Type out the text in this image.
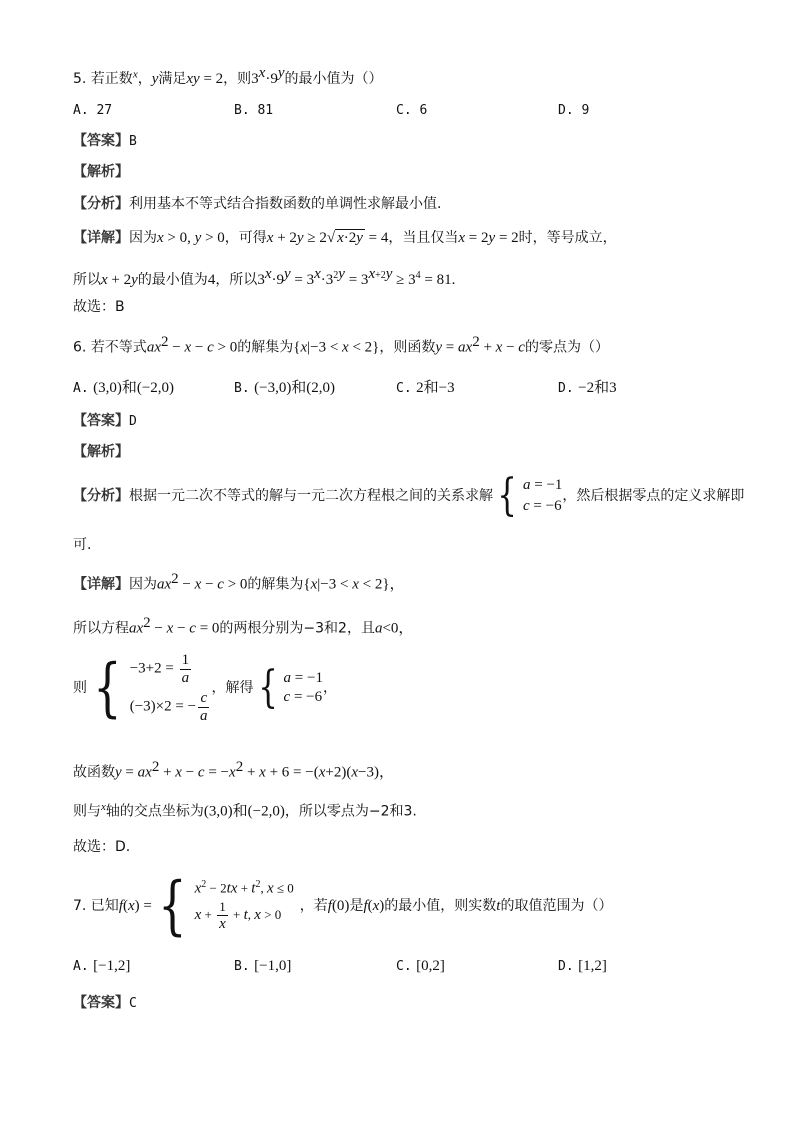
5. 若正数$^x$，y满足xy = 2，则$3^x\cdot 9^y$的最小值为（）
A. 27	B. 81	C. 6	D. 9
【答案】B
【解析】
【分析】利用基本不等式结合指数函数的单调性求解最小值.
【详解】因为x > 0, y > 0，可得x + 2y ≥ 2√ x·2y = 4，当且仅当x = 2y = 2时，等号成立，
所以x + 2y的最小值为4，所以$3^x\cdot 9^y = 3^x\cdot 3^{2y} = 3^{x+2y} \ge 3^4 = 81$.
故选：B
6. 若不等式$ax^2 - x - c > 0$的解集为{x|−3 < x < 2}，则函数$y = ax^2 + x - c$的零点为（）
A. (3,0)和(−2,0)	B. (−3,0)和(2,0)	C. 2和−3	D. −2和3
【答案】D
【解析】
【分析】根据一元二次不等式的解与一元二次方程根之间的关系求解 { a = −1
c = −6
，然后根据零点的定义求解即
可.
【详解】因为$ax^2 - x - c > 0$的解集为{x|−3 < x < 2}，
所以方程$ax^2 - x - c = 0$的两根分别为−3和2，且a<0，
则 { $-3+2 = \frac{1}{a}$
(−3)×2 = − $\frac{c}{a}$
，解得 { a = −1
c = −6
，
故函数$y = ax^2 + x - c = -x^2 + x + 6 = -(x+2)(x-3)$，
则与$^x$轴的交点坐标为(3,0)和(−2,0)，所以零点为−2和3.
故选：D.
7. 已知 f ( x ) = { $x^2 - 2tx + t^2$, x ≤ 0
$x + \frac{1}{x} + t$, x > 0
，若 f (0) 是 f ( x ) 的最小值，则实数 t 的取值范围为（）
A. [−1,2]	B. [−1,0]	C. [0,2]	D. [1,2]
【答案】C
